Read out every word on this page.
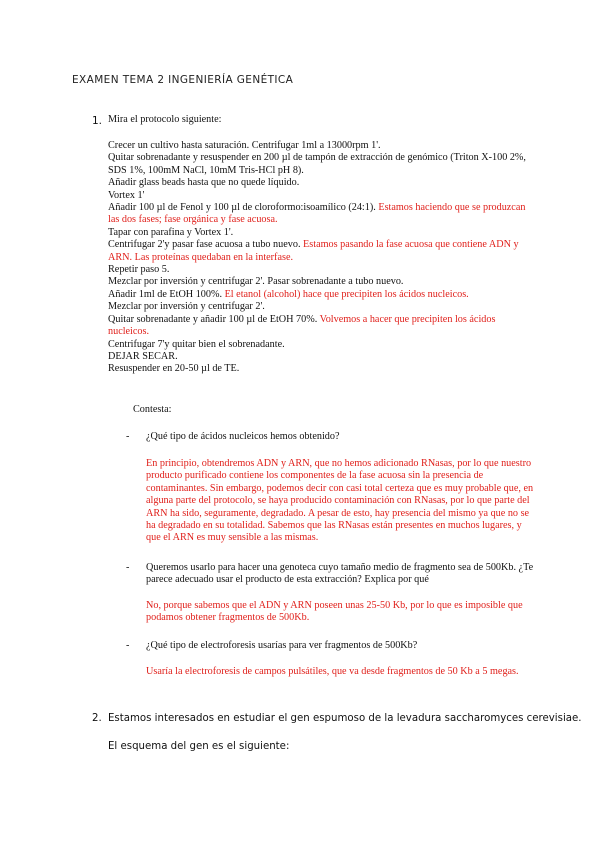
EXAMEN TEMA 2 INGENIERÍA GENÉTICA
1. Mira el protocolo siguiente:
Crecer un cultivo hasta saturación. Centrifugar 1ml a 13000rpm 1'.
Quitar sobrenadante y resuspender en 200 µl de tampón de extracción de genómico (Triton X-100 2%, SDS 1%, 100mM NaCl, 10mM Tris-HCl pH 8).
Añadir glass beads hasta que no quede líquido.
Vortex 1'
Añadir 100 µl de Fenol y 100 µl de cloroformo:isoamílico (24:1). Estamos haciendo que se produzcan las dos fases; fase orgánica y fase acuosa.
Tapar con parafina y Vortex 1'.
Centrifugar 2'y pasar fase acuosa a tubo nuevo. Estamos pasando la fase acuosa que contiene ADN y ARN. Las proteínas quedaban en la interfase.
Repetir paso 5.
Mezclar por inversión y centrifugar 2'. Pasar sobrenadante a tubo nuevo.
Añadir 1ml de EtOH 100%. El etanol (alcohol) hace que precipiten los ácidos nucleicos.
Mezclar por inversión y centrifugar 2'.
Quitar sobrenadante y añadir 100 µl de EtOH 70%. Volvemos a hacer que precipiten los ácidos nucleicos.
Centrifugar 7'y quitar bien el sobrenadante.
DEJAR SECAR.
Resuspender en 20-50 µl de TE.
Contesta:
- ¿Qué tipo de ácidos nucleicos hemos obtenido?
En principio, obtendremos ADN y ARN, que no hemos adicionado RNasas, por lo que nuestro producto purificado contiene los componentes de la fase acuosa sin la presencia de contaminantes. Sin embargo, podemos decir con casi total certeza que es muy probable que, en alguna parte del protocolo, se haya producido contaminación con RNasas, por lo que parte del ARN ha sido, seguramente, degradado. A pesar de esto, hay presencia del mismo ya que no se ha degradado en su totalidad. Sabemos que las RNasas están presentes en muchos lugares, y que el ARN es muy sensible a las mismas.
- Queremos usarlo para hacer una genoteca cuyo tamaño medio de fragmento sea de 500Kb. ¿Te parece adecuado usar el producto de esta extracción? Explica por qué
No, porque sabemos que el ADN y ARN poseen unas 25-50 Kb, por lo que es imposible que podamos obtener fragmentos de 500Kb.
- ¿Qué tipo de electroforesis usarías para ver fragmentos de 500Kb?
Usaría la electroforesis de campos pulsátiles, que va desde fragmentos de 50 Kb a 5 megas.
2. Estamos interesados en estudiar el gen espumoso de la levadura saccharomyces cerevisiae.
El esquema del gen es el siguiente:
